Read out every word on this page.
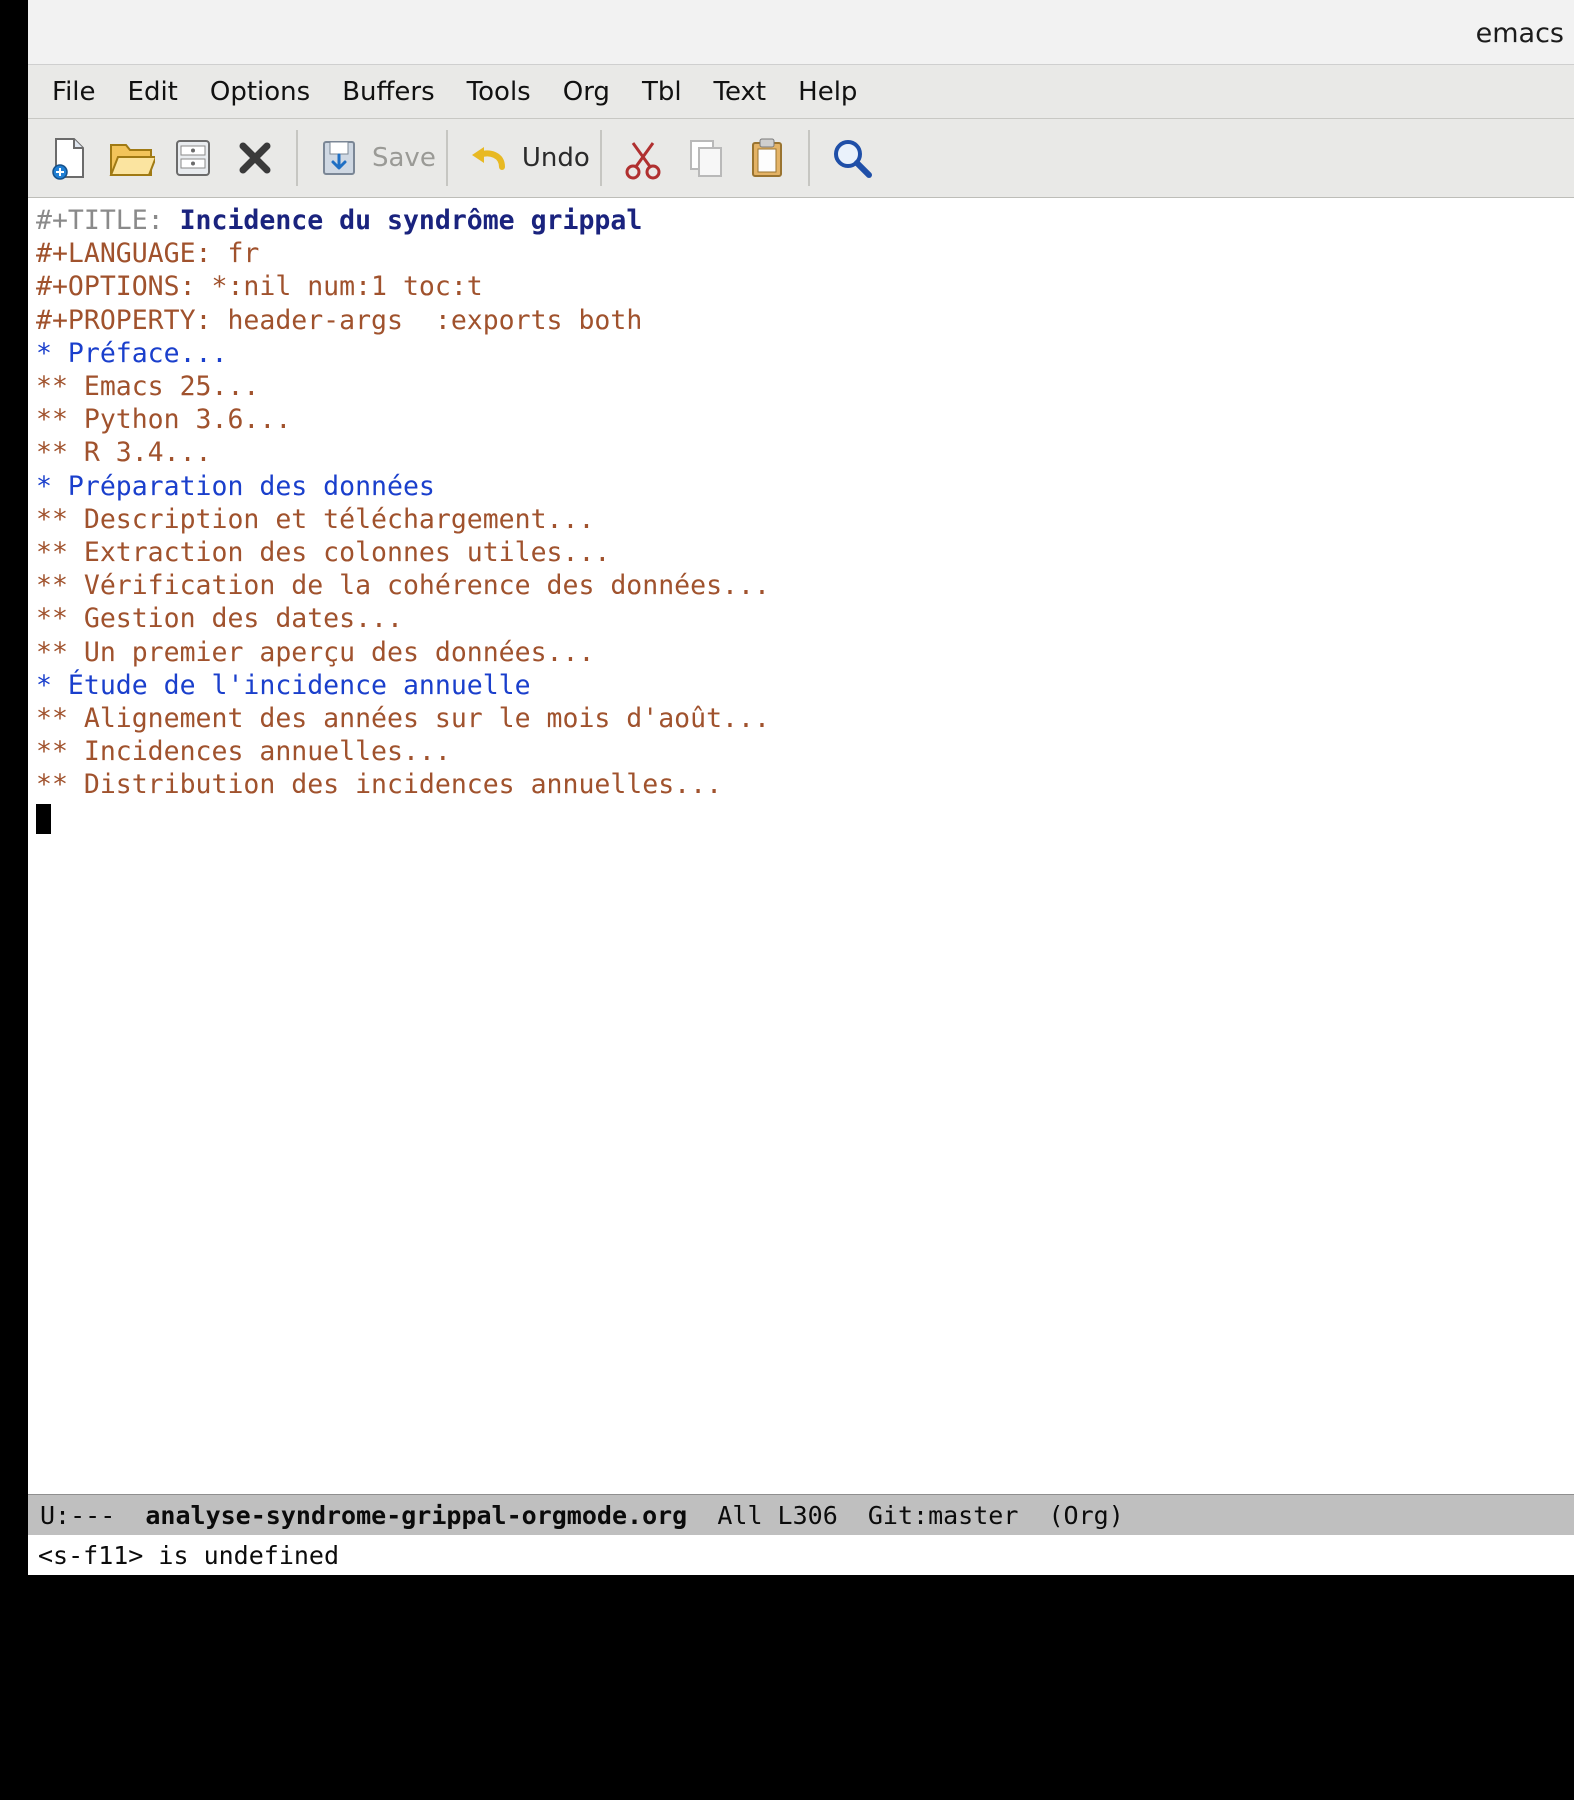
emacs
File	Edit	Options	Buffers	Tools	Org	Tbl	Text	Help
Save	Undo
#+TITLE: Incidence du syndrôme grippal
#+LANGUAGE: fr
#+OPTIONS: *:nil num:1 toc:t
#+PROPERTY: header-args  :exports both
* Préface...
** Emacs 25...
** Python 3.6...
** R 3.4...
* Préparation des données
** Description et téléchargement...
** Extraction des colonnes utiles...
** Vérification de la cohérence des données...
** Gestion des dates...
** Un premier aperçu des données...
* Étude de l'incidence annuelle
** Alignement des années sur le mois d'août...
** Incidences annuelles...
** Distribution des incidences annuelles...
U:---
analyse-syndrome-grippal-orgmode.org
All L306
Git:master
(Org)
<s-f11> is undefined
